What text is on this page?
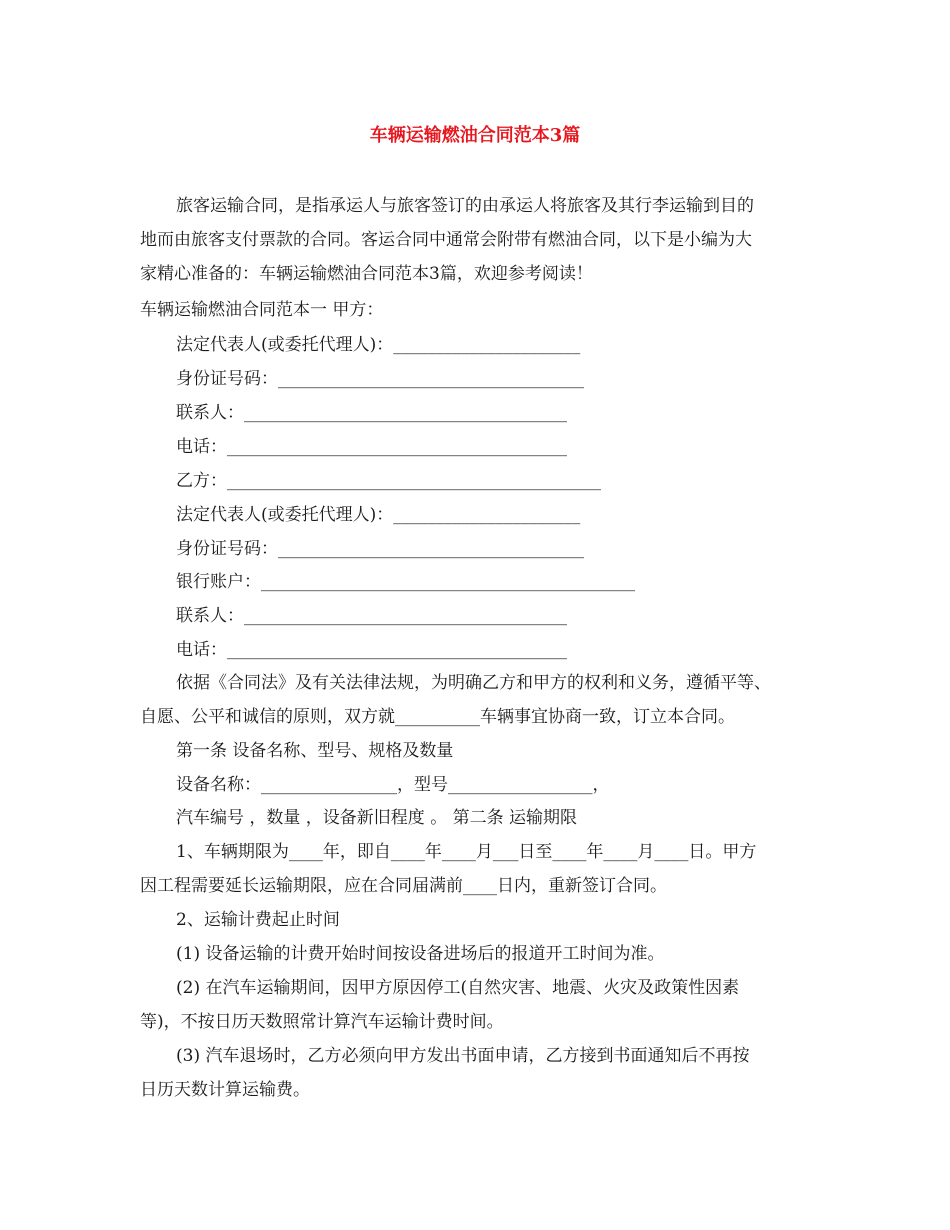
车辆运输燃油合同范本3篇
旅客运输合同，是指承运人与旅客签订的由承运人将旅客及其行李运输到目的
地而由旅客支付票款的合同。客运合同中通常会附带有燃油合同，以下是小编为大
家精心准备的：车辆运输燃油合同范本3篇，欢迎参考阅读！
车辆运输燃油合同范本一 甲方：
法定代表人(或委托代理人)：______________________
身份证号码：____________________________________
联系人：______________________________________
电话：________________________________________
乙方：____________________________________________
法定代表人(或委托代理人)：______________________
身份证号码：____________________________________
银行账户：____________________________________________
联系人：______________________________________
电话：________________________________________
依据《合同法》及有关法律法规，为明确乙方和甲方的权利和义务，遵循平等、
自愿、公平和诚信的原则，双方就__________车辆事宜协商一致，订立本合同。
第一条 设备名称、型号、规格及数量
设备名称：________________，型号_________________，
汽车编号 ，数量 ，设备新旧程度 。 第二条 运输期限
1、车辆期限为____年，即自____年____月___日至____年____月____日。甲方
因工程需要延长运输期限，应在合同届满前____日内，重新签订合同。
2、运输计费起止时间
(1) 设备运输的计费开始时间按设备进场后的报道开工时间为准。
(2) 在汽车运输期间，因甲方原因停工(自然灾害、地震、火灾及政策性因素
等)，不按日历天数照常计算汽车运输计费时间。
(3) 汽车退场时，乙方必须向甲方发出书面申请，乙方接到书面通知后不再按
日历天数计算运输费。
